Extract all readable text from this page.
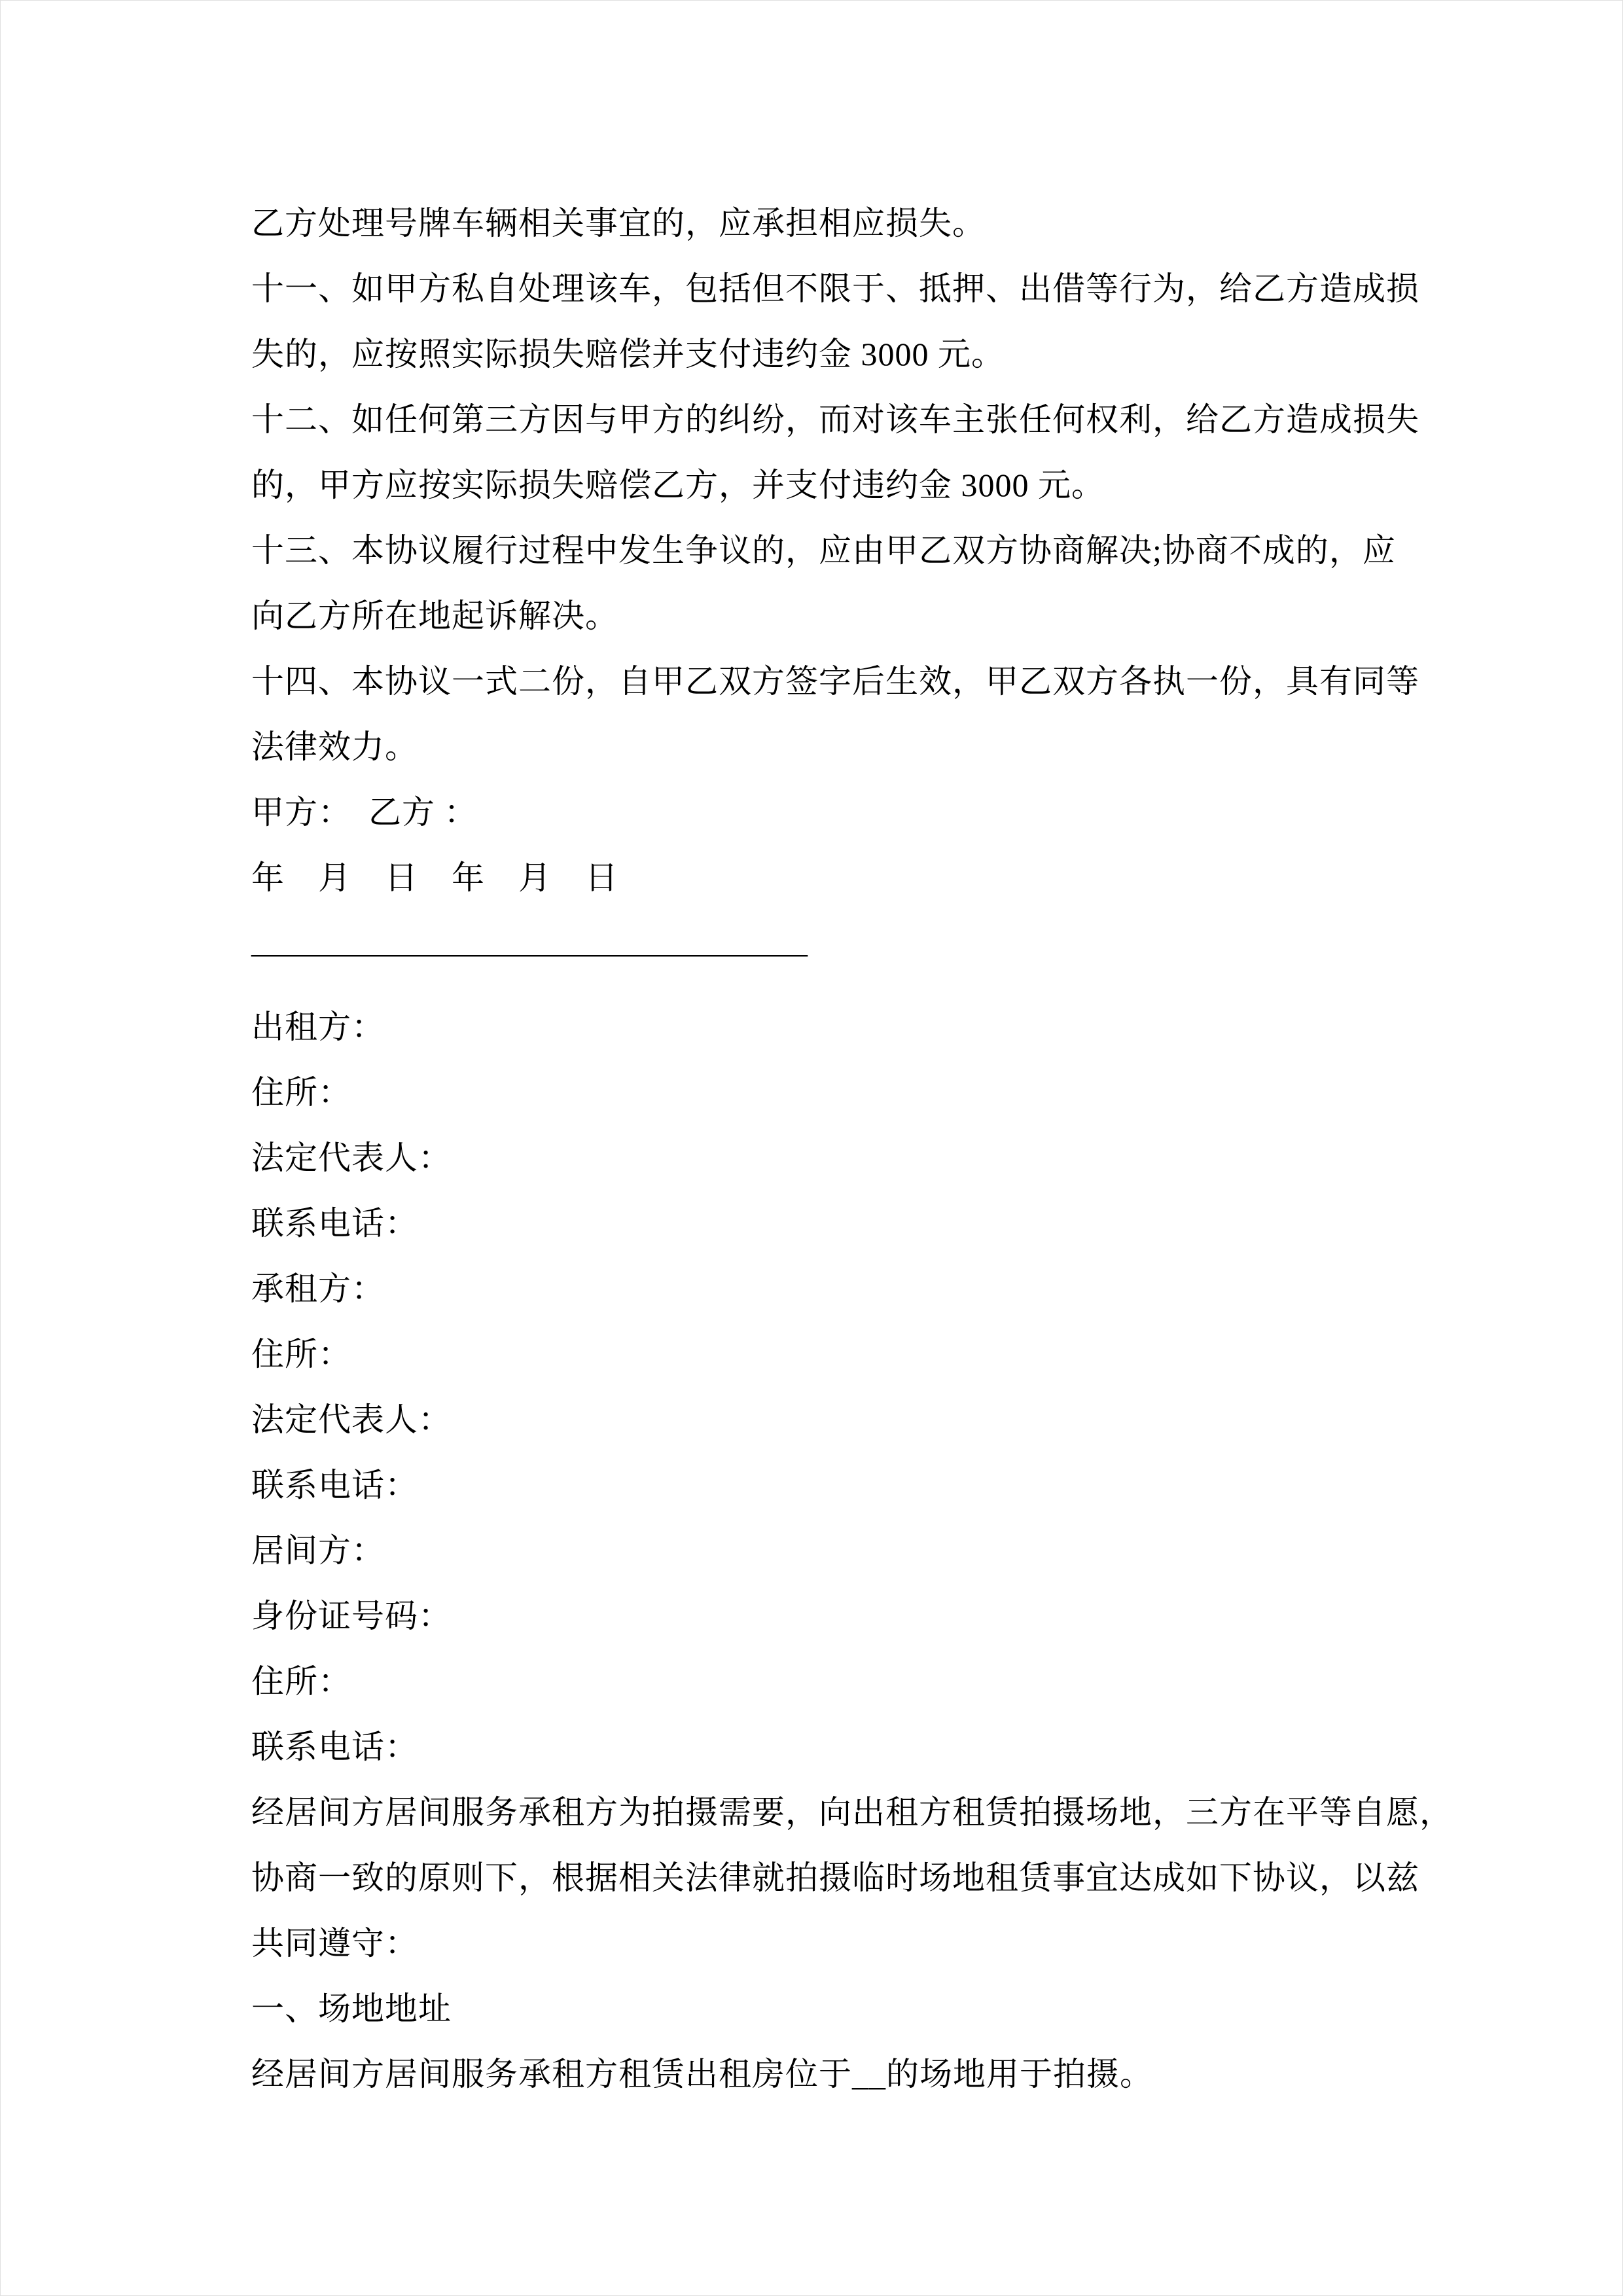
乙方处理号牌车辆相关事宜的，应承担相应损失。
十一、如甲方私自处理该车，包括但不限于、抵押、出借等行为，给乙方造成损
失的，应按照实际损失赔偿并支付违约金 3000 元。
十二、如任何第三方因与甲方的纠纷，而对该车主张任何权利，给乙方造成损失
的，甲方应按实际损失赔偿乙方，并支付违约金 3000 元。
十三、本协议履行过程中发生争议的，应由甲乙双方协商解决;协商不成的，应
向乙方所在地起诉解决。
十四、本协议一式二份，自甲乙双方签字后生效，甲乙双方各执一份，具有同等
法律效力。
甲方：　乙方 ：
年　月　日　年　月　日
—————————————————
出租方：
住所：
法定代表人：
联系电话：
承租方：
住所：
法定代表人：
联系电话：
居间方：
身份证号码：
住所：
联系电话：
经居间方居间服务承租方为拍摄需要，向出租方租赁拍摄场地，三方在平等自愿，
协商一致的原则下，根据相关法律就拍摄临时场地租赁事宜达成如下协议，以兹
共同遵守：
一、场地地址
经居间方居间服务承租方租赁出租房位于__的场地用于拍摄。
